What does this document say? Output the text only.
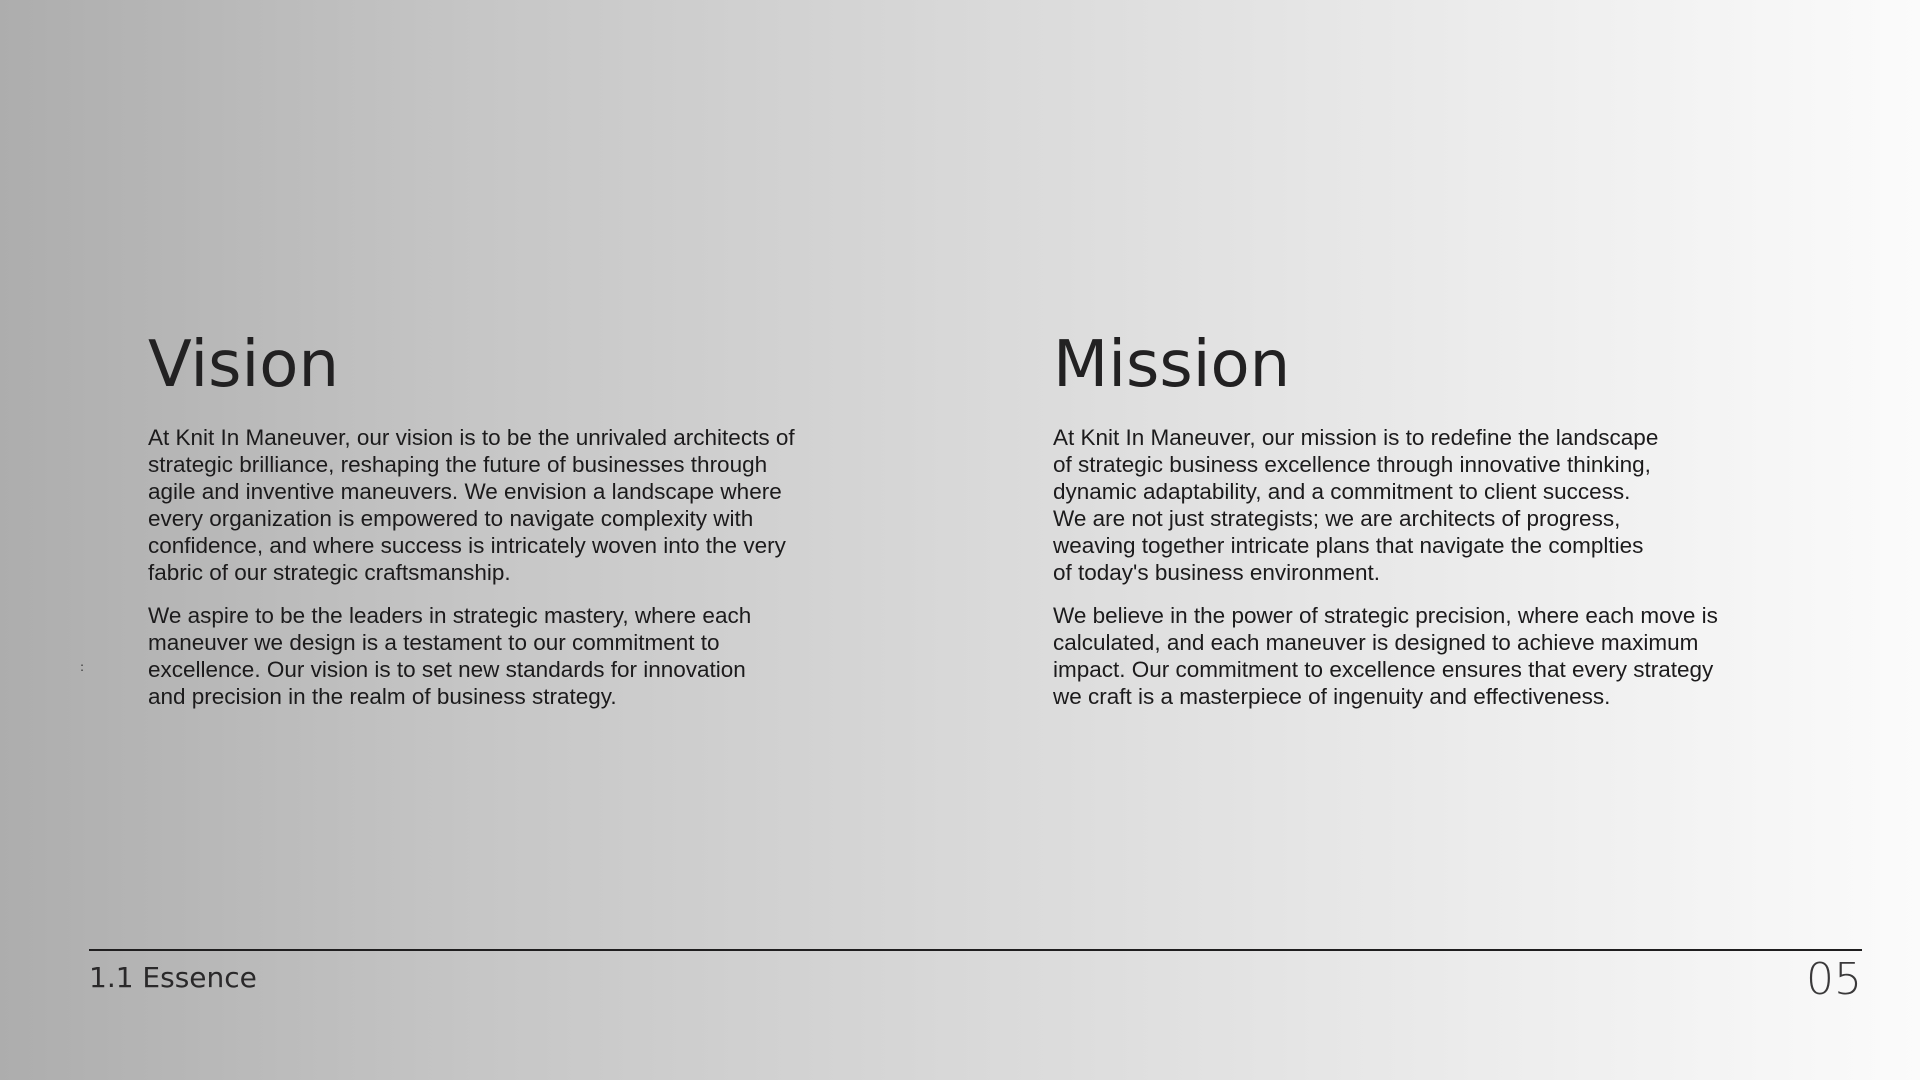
Vision

At Knit In Maneuver, our vision is to be the unrivaled architects of
strategic brilliance, reshaping the future of businesses through
agile and inventive maneuvers. We envision a landscape where
every organization is empowered to navigate complexity with
confidence, and where success is intricately woven into the very
fabric of our strategic craftsmanship.

We aspire to be the leaders in strategic mastery, where each
maneuver we design is a testament to our commitment to
excellence. Our vision is to set new standards for innovation
and precision in the realm of business strategy.

Mission

At Knit In Maneuver, our mission is to redefine the landscape
of strategic business excellence through innovative thinking,
dynamic adaptability, and a commitment to client success.
We are not just strategists; we are architects of progress,
weaving together intricate plans that navigate the complties
of today's business environment.

We believe in the power of strategic precision, where each move is
calculated, and each maneuver is designed to achieve maximum
impact. Our commitment to excellence ensures that every strategy
we craft is a masterpiece of ingenuity and effectiveness.

:
1.1 Essence	05
